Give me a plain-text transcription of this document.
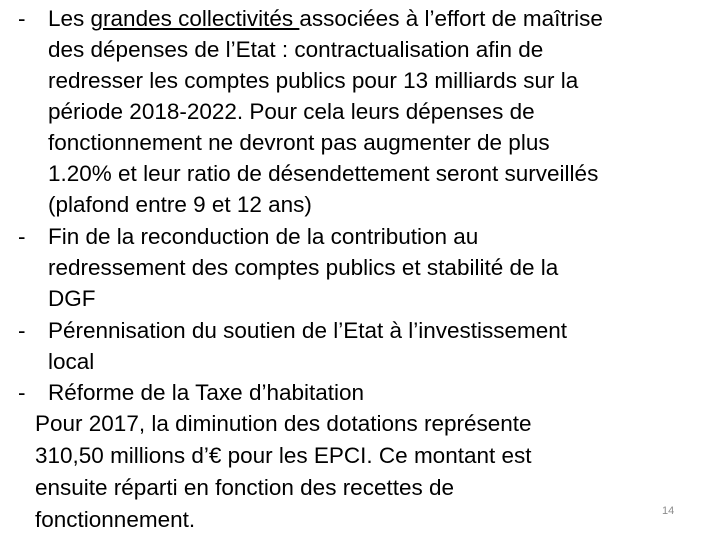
- Les grandes collectivités associées à l’effort de maîtrise
des dépenses de l’Etat : contractualisation afin de
redresser les comptes publics pour 13 milliards sur la
période 2018-2022. Pour cela leurs dépenses de
fonctionnement ne devront pas augmenter de plus
1.20% et leur ratio de désendettement seront surveillés
(plafond entre 9 et 12 ans)
- Fin de la reconduction de la contribution au
redressement des comptes publics et stabilité de la
DGF
- Pérennisation du soutien de l’Etat à l’investissement
local
- Réforme de la Taxe d’habitation
Pour 2017, la diminution des dotations représente
310,50 millions d’€ pour les EPCI. Ce montant est
ensuite réparti en fonction des recettes de
fonctionnement.	14
